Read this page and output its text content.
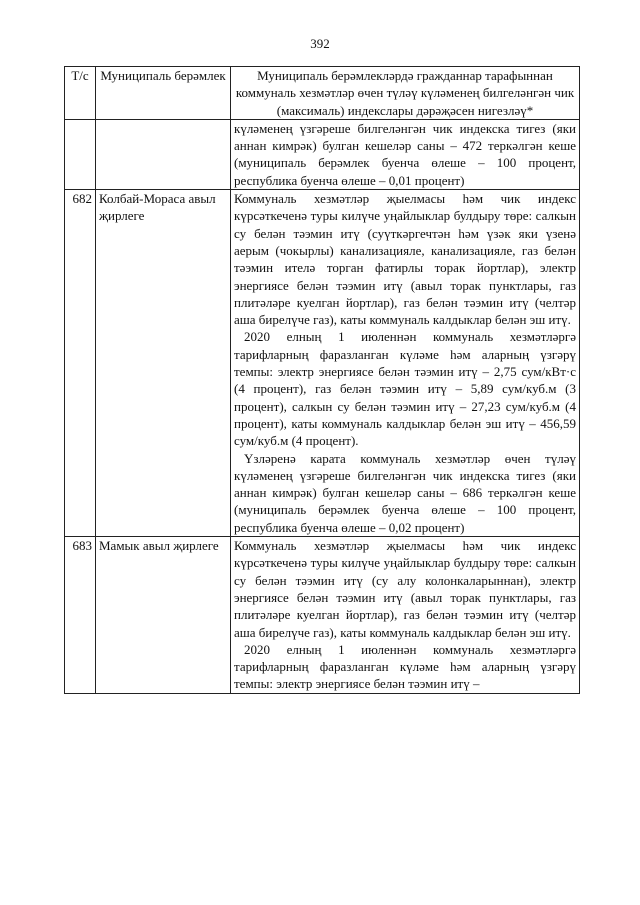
392
Т/с	Муниципаль берәмлек	Муниципаль берәмлекләрдә гражданнар тарафыннан коммуналь хезмәтләр өчен түләү күләменең билгеләнгән чик (максималь) индекслары дәрәҗәсен нигезләү*

		күләменең үзгәреше билгеләнгән чик индекска тигез (яки аннан кимрәк) булган кешеләр саны – 472 теркәлгән кеше (муниципаль берәмлек буенча өлеше – 100 процент, республика буенча өлеше – 0,01 процент)

682	Колбай-Мораса авыл җирлеге	Коммуналь хезмәтләр җыелмасы һәм чик индекс күрсәткеченә туры килүче уңайлыклар булдыру төре: салкын су белән тәэмин итү (суүткәргечтән һәм үзәк яки үзенә аерым (чокырлы) канализацияле, канализацияле, газ белән тәэмин ителә торган фатирлы торак йортлар), электр энергиясе белән тәэмин итү (авыл торак пунктлары, газ плитәләре куелган йортлар), газ белән тәэмин итү (челтәр аша бирелүче газ), каты коммуналь калдыклар белән эш итү.
2020 елның 1 июленнән коммуналь хезмәтләргә тарифларның фаразланган күләме һәм аларның үзгәрү темпы: электр энергиясе белән тәэмин итү – 2,75 сум/кВт·с (4 процент), газ белән тәэмин итү – 5,89 сум/куб.м (3 процент), салкын су белән тәэмин итү – 27,23 сум/куб.м (4 процент), каты коммуналь калдыклар белән эш итү – 456,59 сум/куб.м (4 процент).
Үзләренә карата коммуналь хезмәтләр өчен түләү күләменең үзгәреше билгеләнгән чик индекска тигез (яки аннан кимрәк) булган кешеләр саны – 686 теркәлгән кеше (муниципаль берәмлек буенча өлеше – 100 процент, республика буенча өлеше – 0,02 процент)

683	Мамык авыл җирлеге	Коммуналь хезмәтләр җыелмасы һәм чик индекс күрсәткеченә туры килүче уңайлыклар булдыру төре: салкын су белән тәэмин итү (су алу колонкаларыннан), электр энергиясе белән тәэмин итү (авыл торак пунктлары, газ плитәләре куелган йортлар), газ белән тәэмин итү (челтәр аша бирелүче газ), каты коммуналь калдыклар белән эш итү.
2020 елның 1 июленнән коммуналь хезмәтләргә тарифларның фаразланган күләме һәм аларның үзгәрү темпы: электр энергиясе белән тәэмин итү –
